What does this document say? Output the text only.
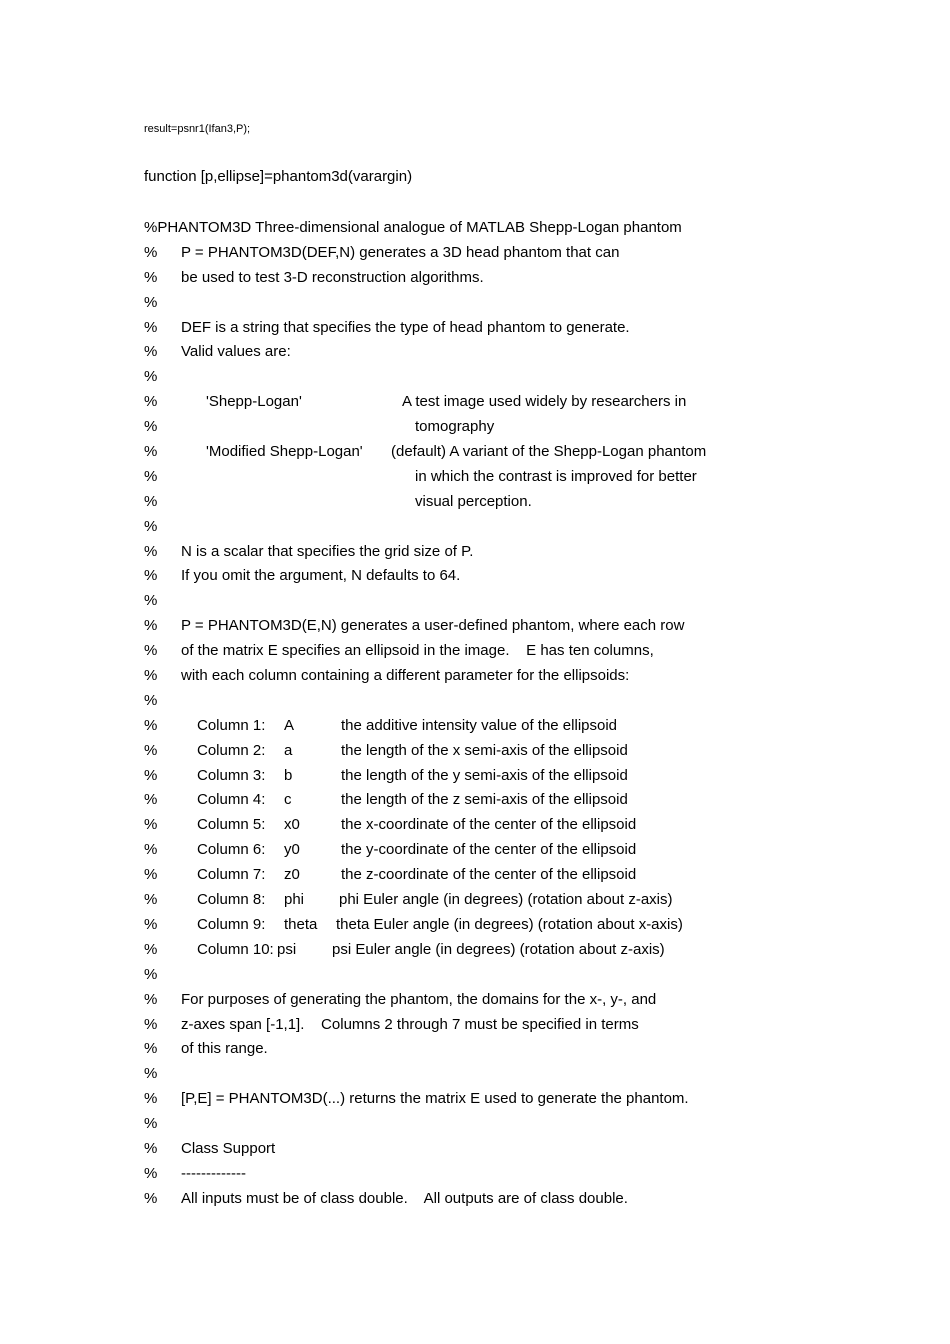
result=psnr1(Ifan3,P);
function [p,ellipse]=phantom3d(varargin)

%PHANTOM3D Three-dimensional analogue of MATLAB Shepp-Logan phantom

% P = PHANTOM3D(DEF,N) generates a 3D head phantom that can
% be used to test 3-D reconstruction algorithms.
%
% DEF is a string that specifies the type of head phantom to generate.
% Valid values are:
%
%	'Shepp-Logan'	A test image used widely by researchers in
%	tomography
%	'Modified Shepp-Logan' (default) A variant of the Shepp-Logan phantom
%	in which the contrast is improved for better
%	visual perception.
%
% N is a scalar that specifies the grid size of P.
% If you omit the argument, N defaults to 64.
%
% P = PHANTOM3D(E,N) generates a user-defined phantom, where each row
% of the matrix E specifies an ellipsoid in the image.    E has ten columns,
% with each column containing a different parameter for the ellipsoids:
%
%	Column 1: A	the additive intensity value of the ellipsoid
%	Column 2: a	the length of the x semi-axis of the ellipsoid
%	Column 3: b	the length of the y semi-axis of the ellipsoid
%	Column 4: c	the length of the z semi-axis of the ellipsoid
%	Column 5: x0	the x-coordinate of the center of the ellipsoid
%	Column 6: y0	the y-coordinate of the center of the ellipsoid
%	Column 7: z0	the z-coordinate of the center of the ellipsoid
%	Column 8: phi phi Euler angle (in degrees) (rotation about z-axis)
%	Column 9: theta theta Euler angle (in degrees) (rotation about x-axis)
%	Column 10: psi psi Euler angle (in degrees) (rotation about z-axis)
%
% For purposes of generating the phantom, the domains for the x-, y-, and
% z-axes span [-1,1].    Columns 2 through 7 must be specified in terms
% of this range.
%
% [P,E] = PHANTOM3D(...) returns the matrix E used to generate the phantom.
%
% Class Support
% -------------
% All inputs must be of class double.    All outputs are of class double.
